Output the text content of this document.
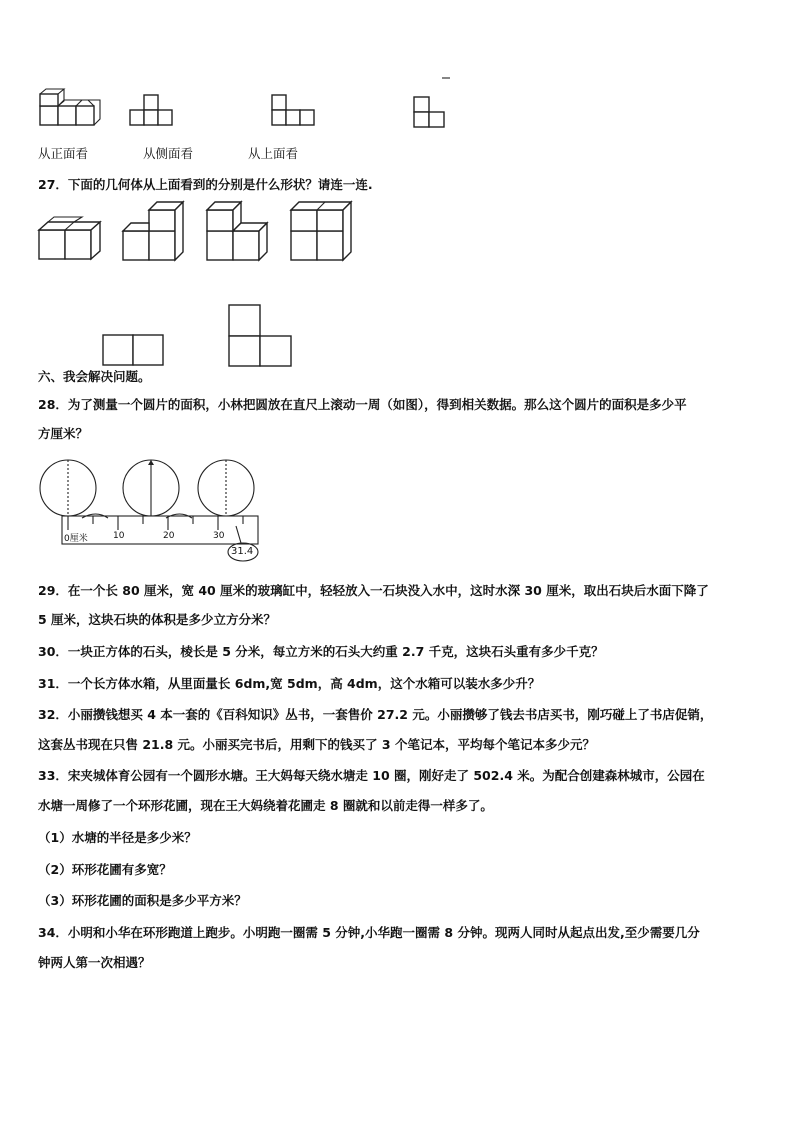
从正面看	从侧面看	从上面看
27．下面的几何体从上面看到的分别是什么形状？请连一连.
六、我会解决问题。
28．为了测量一个圆片的面积，小林把圆放在直尺上滚动一周（如图），得到相关数据。那么这个圆片的面积是多少平
方厘米？
0厘米	10	20	30
31.4
29．在一个长 80 厘米，宽 40 厘米的玻璃缸中，轻轻放入一石块没入水中，这时水深 30 厘米，取出石块后水面下降了
5 厘米，这块石块的体积是多少立方分米？
30．一块正方体的石头，棱长是 5 分米，每立方米的石头大约重 2.7 千克，这块石头重有多少千克？
31．一个长方体水箱，从里面量长 6dm,宽 5dm，高 4dm，这个水箱可以装水多少升？
32．小丽攒钱想买 4 本一套的《百科知识》丛书，一套售价 27.2 元。小丽攒够了钱去书店买书，刚巧碰上了书店促销，
这套丛书现在只售 21.8 元。小丽买完书后，用剩下的钱买了 3 个笔记本，平均每个笔记本多少元？
33．宋夹城体育公园有一个圆形水塘。王大妈每天绕水塘走 10 圈，刚好走了 502.4 米。为配合创建森林城市，公园在
水塘一周修了一个环形花圃，现在王大妈绕着花圃走 8 圈就和以前走得一样多了。
（1）水塘的半径是多少米？
（2）环形花圃有多宽？
（3）环形花圃的面积是多少平方米？
34．小明和小华在环形跑道上跑步。小明跑一圈需 5 分钟,小华跑一圈需 8 分钟。现两人同时从起点出发,至少需要几分
钟两人第一次相遇？
